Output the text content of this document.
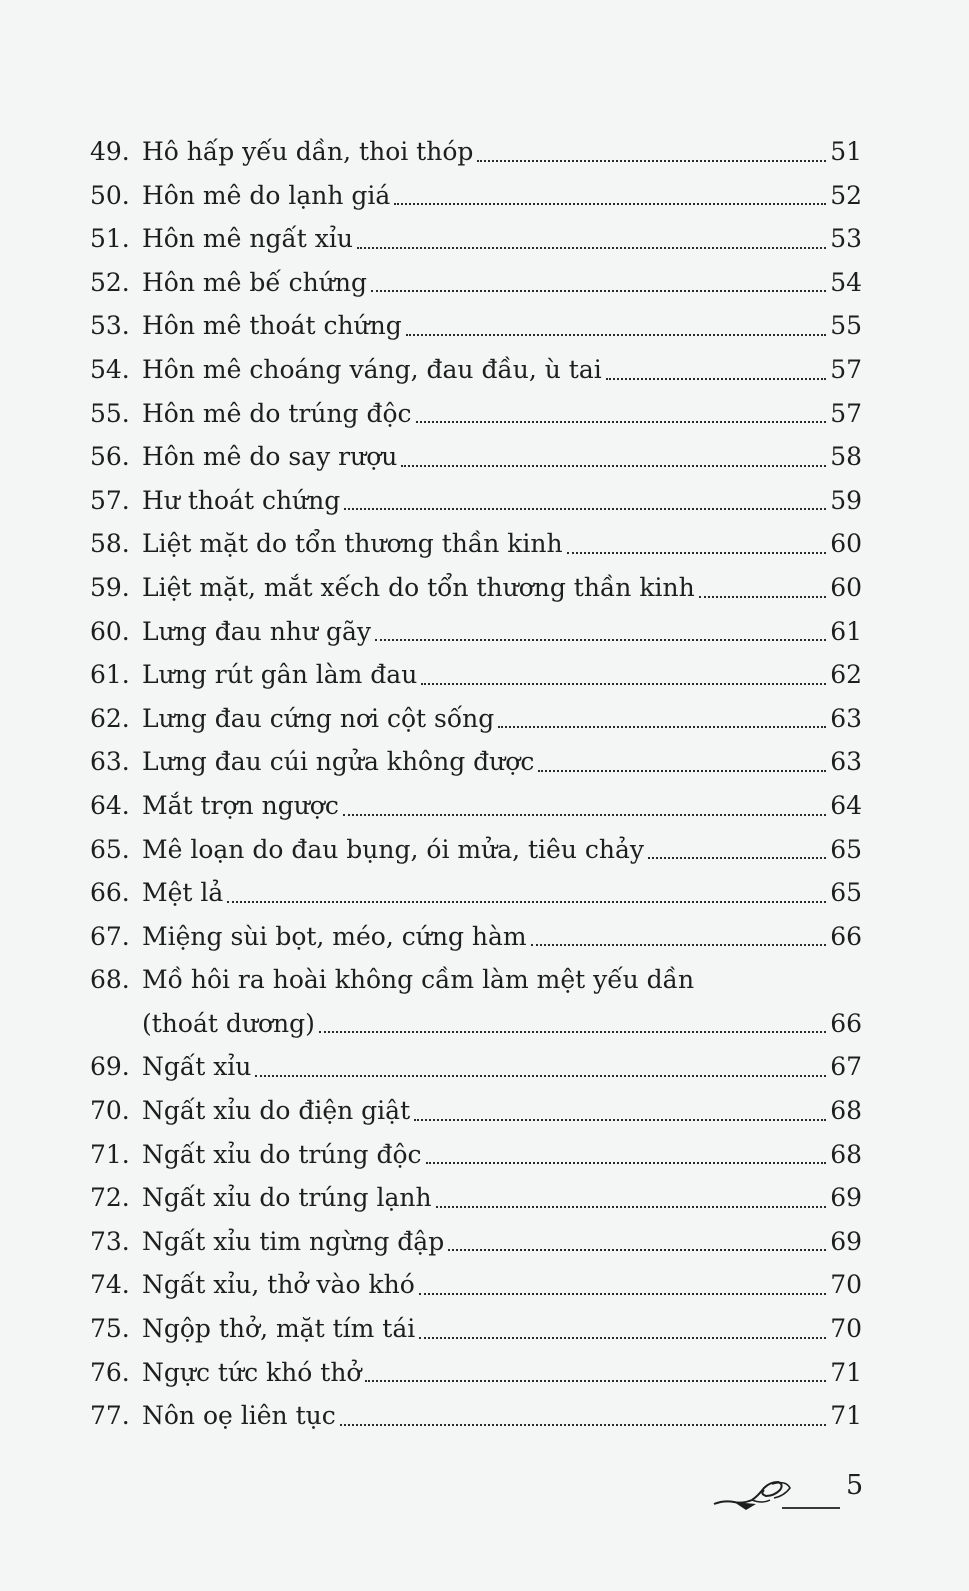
49. Hô hấp yếu dần, thoi thóp	51
50. Hôn mê do lạnh giá	52
51. Hôn mê ngất xỉu	53
52. Hôn mê bế chứng	54
53. Hôn mê thoát chứng	55
54. Hôn mê choáng váng, đau đầu, ù tai	57
55. Hôn mê do trúng độc	57
56. Hôn mê do say rượu	58
57. Hư thoát chứng	59
58. Liệt mặt do tổn thương thần kinh	60
59. Liệt mặt, mắt xếch do tổn thương thần kinh	60
60. Lưng đau như gãy	61
61. Lưng rút gân làm đau	62
62. Lưng đau cứng nơi cột sống	63
63. Lưng đau cúi ngửa không được	63
64. Mắt trợn ngược	64
65. Mê loạn do đau bụng, ói mửa, tiêu chảy	65
66. Mệt lả	65
67. Miệng sùi bọt, méo, cứng hàm	66
68. Mồ hôi ra hoài không cầm làm mệt yếu dần
(thoát dương)	66
69. Ngất xỉu	67
70. Ngất xỉu do điện giật	68
71. Ngất xỉu do trúng độc	68
72. Ngất xỉu do trúng lạnh	69
73. Ngất xỉu tim ngừng đập	69
74. Ngất xỉu, thở vào khó	70
75. Ngộp thở, mặt tím tái	70
76. Ngực tức khó thở	71
77. Nôn oẹ liên tục	71
5
